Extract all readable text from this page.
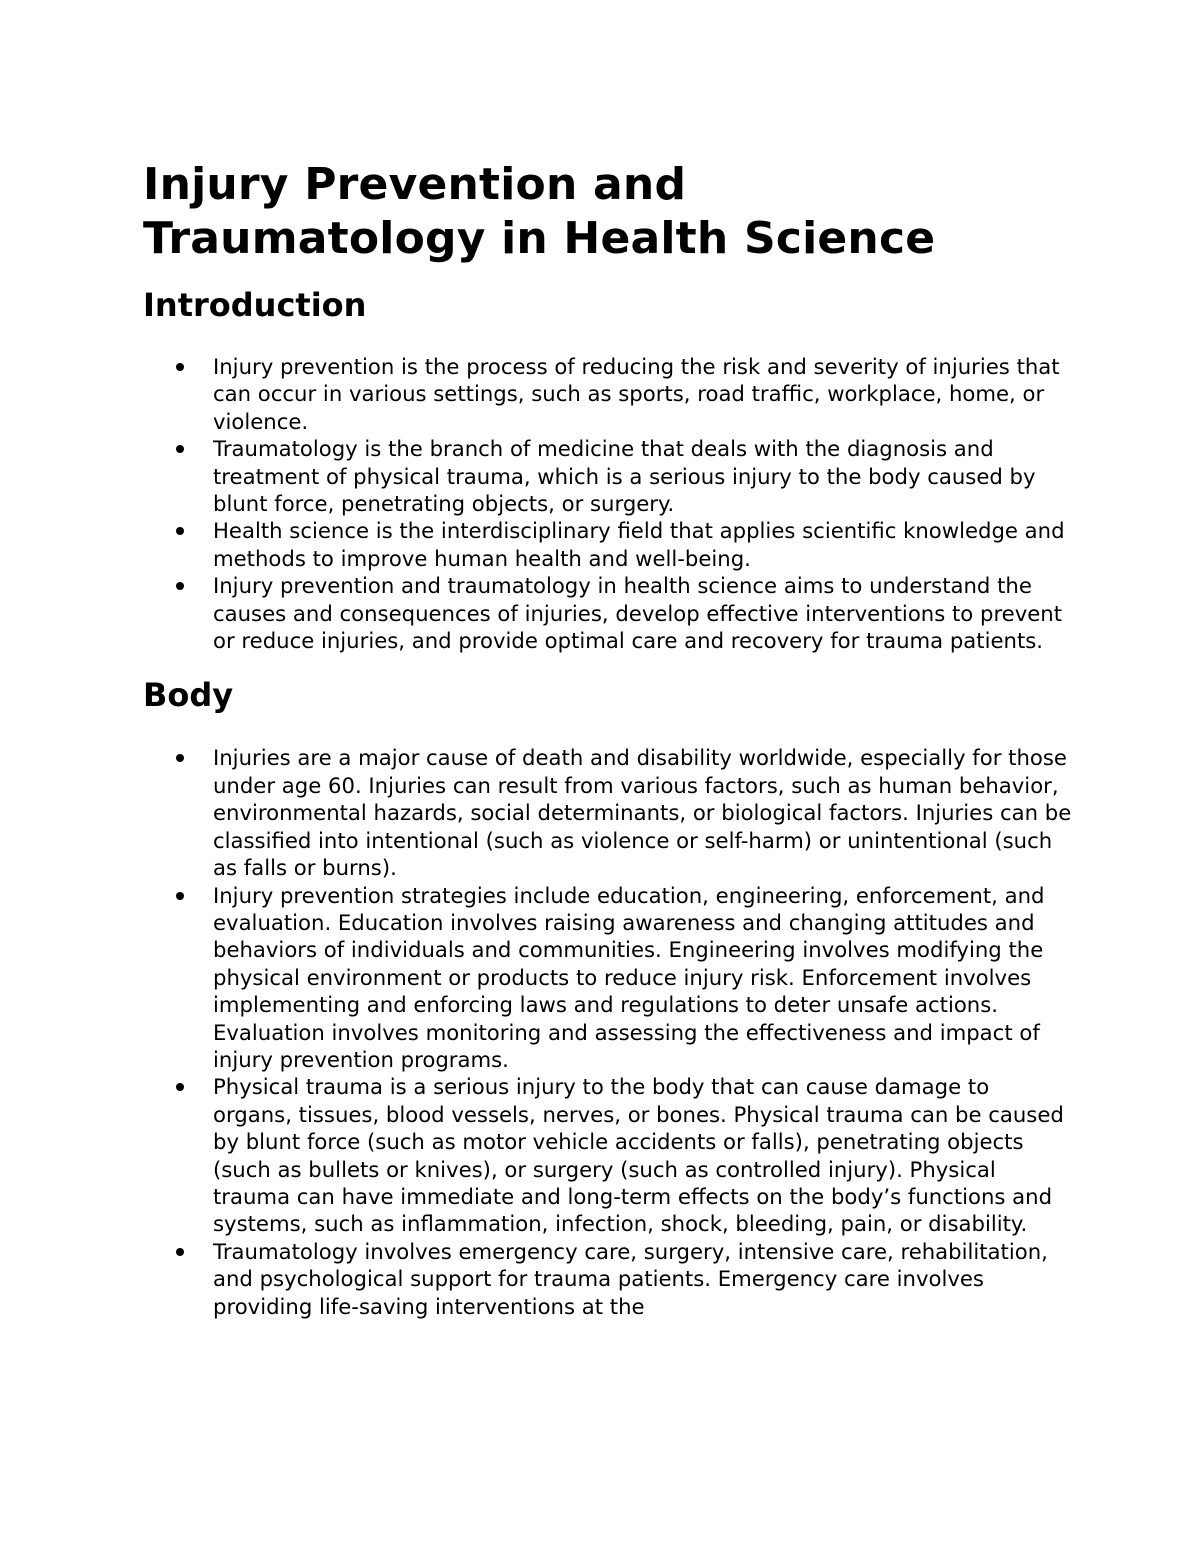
Injury Prevention and
Traumatology in Health Science
Introduction
Injury prevention is the process of reducing the risk and severity of injuries that can occur in various settings, such as sports, road traffic, workplace, home, or violence.
Traumatology is the branch of medicine that deals with the diagnosis and treatment of physical trauma, which is a serious injury to the body caused by blunt force, penetrating objects, or surgery.
Health science is the interdisciplinary field that applies scientific knowledge and methods to improve human health and well-being.
Injury prevention and traumatology in health science aims to understand the causes and consequences of injuries, develop effective interventions to prevent or reduce injuries, and provide optimal care and recovery for trauma patients.
Body
Injuries are a major cause of death and disability worldwide, especially for those under age 60. Injuries can result from various factors, such as human behavior, environmental hazards, social determinants, or biological factors. Injuries can be classified into intentional (such as violence or self-harm) or unintentional (such as falls or burns).
Injury prevention strategies include education, engineering, enforcement, and evaluation. Education involves raising awareness and changing attitudes and behaviors of individuals and communities. Engineering involves modifying the physical environment or products to reduce injury risk. Enforcement involves implementing and enforcing laws and regulations to deter unsafe actions. Evaluation involves monitoring and assessing the effectiveness and impact of injury prevention programs.
Physical trauma is a serious injury to the body that can cause damage to organs, tissues, blood vessels, nerves, or bones. Physical trauma can be caused by blunt force (such as motor vehicle accidents or falls), penetrating objects (such as bullets or knives), or surgery (such as controlled injury). Physical trauma can have immediate and long-term effects on the body’s functions and systems, such as inflammation, infection, shock, bleeding, pain, or disability.
Traumatology involves emergency care, surgery, intensive care, rehabilitation, and psychological support for trauma patients. Emergency care involves providing life-saving interventions at the
